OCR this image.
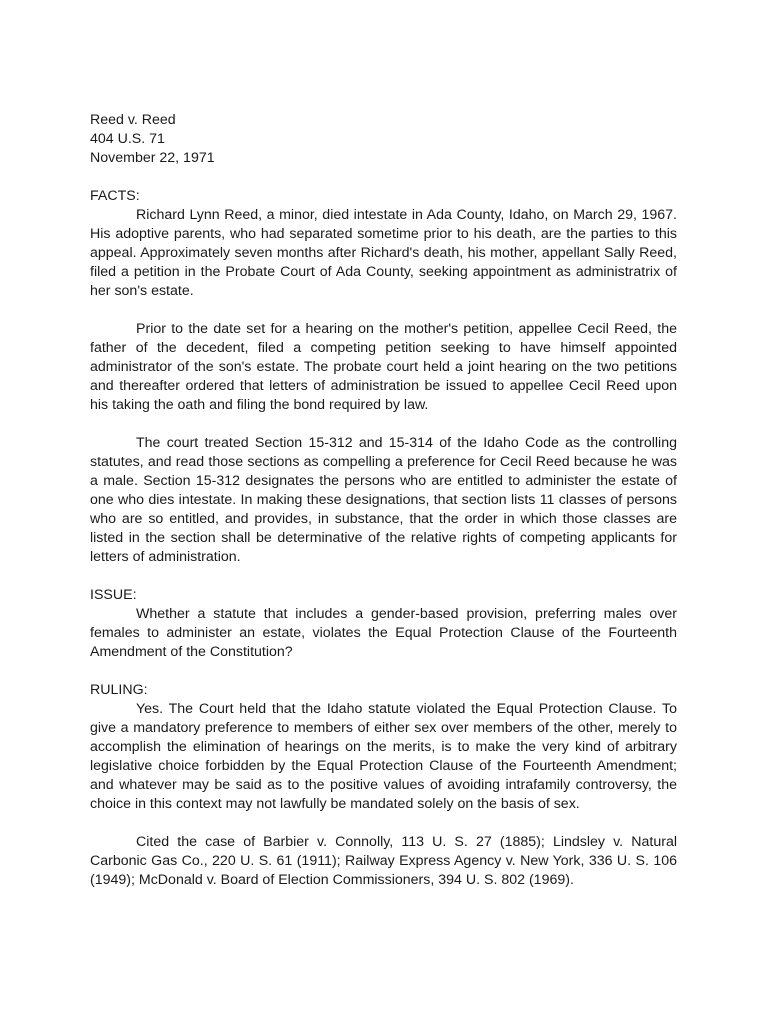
Reed v. Reed
404 U.S. 71
November 22, 1971
FACTS:

Richard Lynn Reed, a minor, died intestate in Ada County, Idaho, on March 29, 1967. His adoptive parents, who had separated sometime prior to his death, are the parties to this appeal. Approximately seven months after Richard's death, his mother, appellant Sally Reed, filed a petition in the Probate Court of Ada County, seeking appointment as administratrix of her son's estate.

Prior to the date set for a hearing on the mother's petition, appellee Cecil Reed, the father of the decedent, filed a competing petition seeking to have himself appointed administrator of the son's estate. The probate court held a joint hearing on the two petitions and thereafter ordered that letters of administration be issued to appellee Cecil Reed upon his taking the oath and filing the bond required by law.

The court treated Section 15-312 and 15-314 of the Idaho Code as the controlling statutes, and read those sections as compelling a preference for Cecil Reed because he was a male. Section 15-312 designates the persons who are entitled to administer the estate of one who dies intestate. In making these designations, that section lists 11 classes of persons who are so entitled, and provides, in substance, that the order in which those classes are listed in the section shall be determinative of the relative rights of competing applicants for letters of administration.

ISSUE:

Whether a statute that includes a gender-based provision, preferring males over females to administer an estate, violates the Equal Protection Clause of the Fourteenth Amendment of the Constitution?

RULING:

Yes. The Court held that the Idaho statute violated the Equal Protection Clause. To give a mandatory preference to members of either sex over members of the other, merely to accomplish the elimination of hearings on the merits, is to make the very kind of arbitrary legislative choice forbidden by the Equal Protection Clause of the Fourteenth Amendment; and whatever may be said as to the positive values of avoiding intrafamily controversy, the choice in this context may not lawfully be mandated solely on the basis of sex.

Cited the case of Barbier v. Connolly, 113 U. S. 27 (1885); Lindsley v. Natural Carbonic Gas Co., 220 U. S. 61 (1911); Railway Express Agency v. New York, 336 U. S. 106 (1949); McDonald v. Board of Election Commissioners, 394 U. S. 802 (1969).
